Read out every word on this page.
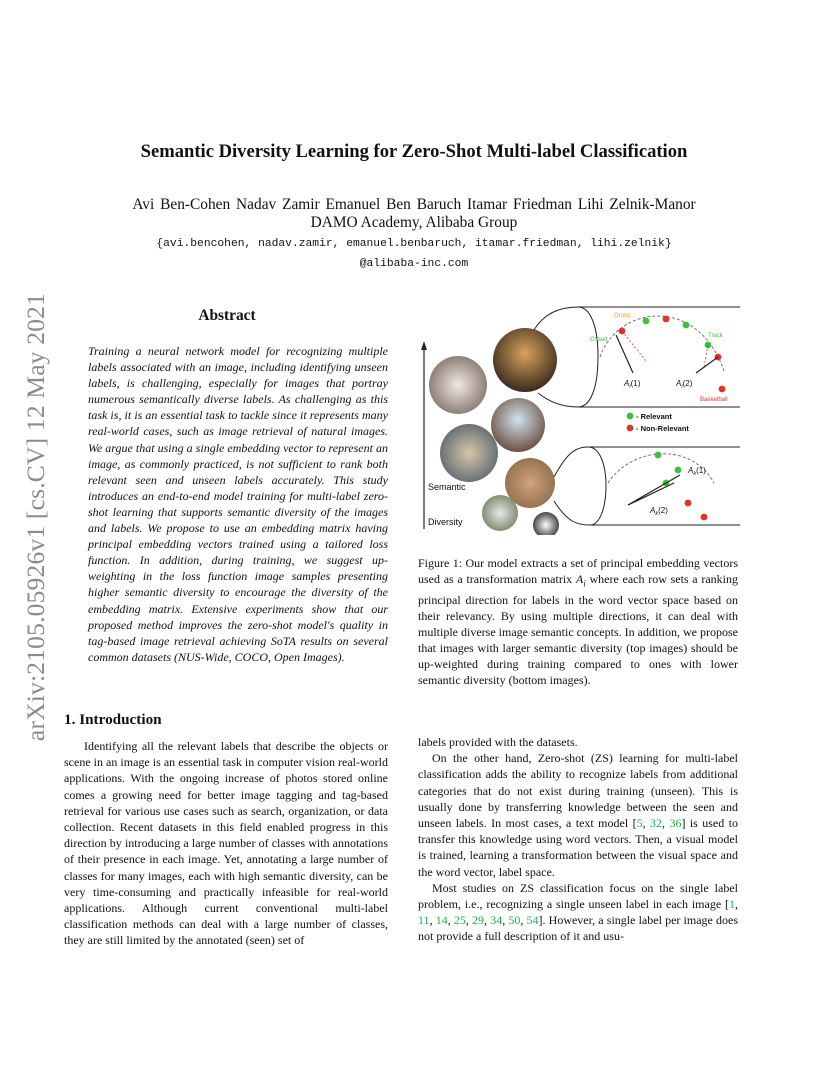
arXiv:2105.05926v1 [cs.CV] 12 May 2021
Semantic Diversity Learning for Zero-Shot Multi-label Classification
Avi Ben-Cohen Nadav Zamir Emanuel Ben Baruch Itamar Friedman Lihi Zelnik-Manor
DAMO Academy, Alibaba Group
{avi.bencohen, nadav.zamir, emanuel.benbaruch, itamar.friedman, lihi.zelnik}
@alibaba-inc.com
Abstract

Training a neural network model for recognizing multiple labels associated with an image, including identifying unseen labels, is challenging, especially for images that portray numerous semantically diverse labels. As challenging as this task is, it is an essential task to tackle since it represents many real-world cases, such as image retrieval of natural images. We argue that using a single embedding vector to represent an image, as commonly practiced, is not sufficient to rank both relevant seen and unseen labels accurately. This study introduces an end-to-end model training for multi-label zero-shot learning that supports semantic diversity of the images and labels. We propose to use an embedding matrix having principal embedding vectors trained using a tailored loss function. In addition, during training, we suggest up-weighting in the loss function image samples presenting higher semantic diversity to encourage the diversity of the embedding matrix. Extensive experiments show that our proposed method improves the zero-shot model's quality in tag-based image retrieval achieving SoTA results on several common datasets (NUS-Wide, COCO, Open Images).

1. Introduction

Identifying all the relevant labels that describe the objects or scene in an image is an essential task in computer vision real-world applications. With the ongoing increase of photos stored online comes a growing need for better image tagging and tag-based retrieval for various use cases such as search, organization, or data collection. Recent datasets in this field enabled progress in this direction by introducing a large number of classes with annotations of their presence in each image. Yet, annotating a large number of classes for many images, each with high semantic diversity, can be very time-consuming and practically infeasible for real-world applications. Although current conventional multi-label classification methods can deal with a large number of classes, they are still limited by the annotated (seen) set of

Semantic
Diversity
Group
Crowd
Track
Basketball
$A_i(1)$	$A_i(2)$
- Relevant
- Non-Relevant
$A_k(1)$
$A_k(2)$

Figure 1: Our model extracts a set of principal embedding vectors used as a transformation matrix $A_i$ where each row sets a ranking principal direction for labels in the word vector space based on their relevancy. By using multiple directions, it can deal with multiple diverse image semantic concepts. In addition, we propose that images with larger semantic diversity (top images) should be up-weighted during training compared to ones with lower semantic diversity (bottom images).

labels provided with the datasets.

On the other hand, Zero-shot (ZS) learning for multi-label classification adds the ability to recognize labels from additional categories that do not exist during training (unseen). This is usually done by transferring knowledge between the seen and unseen labels. In most cases, a text model [5, 32, 36] is used to transfer this knowledge using word vectors. Then, a visual model is trained, learning a transformation between the visual space and the word vector, label space.

Most studies on ZS classification focus on the single label problem, i.e., recognizing a single unseen label in each image [1, 11, 14, 25, 29, 34, 50, 54]. However, a single label per image does not provide a full description of it and usu-
